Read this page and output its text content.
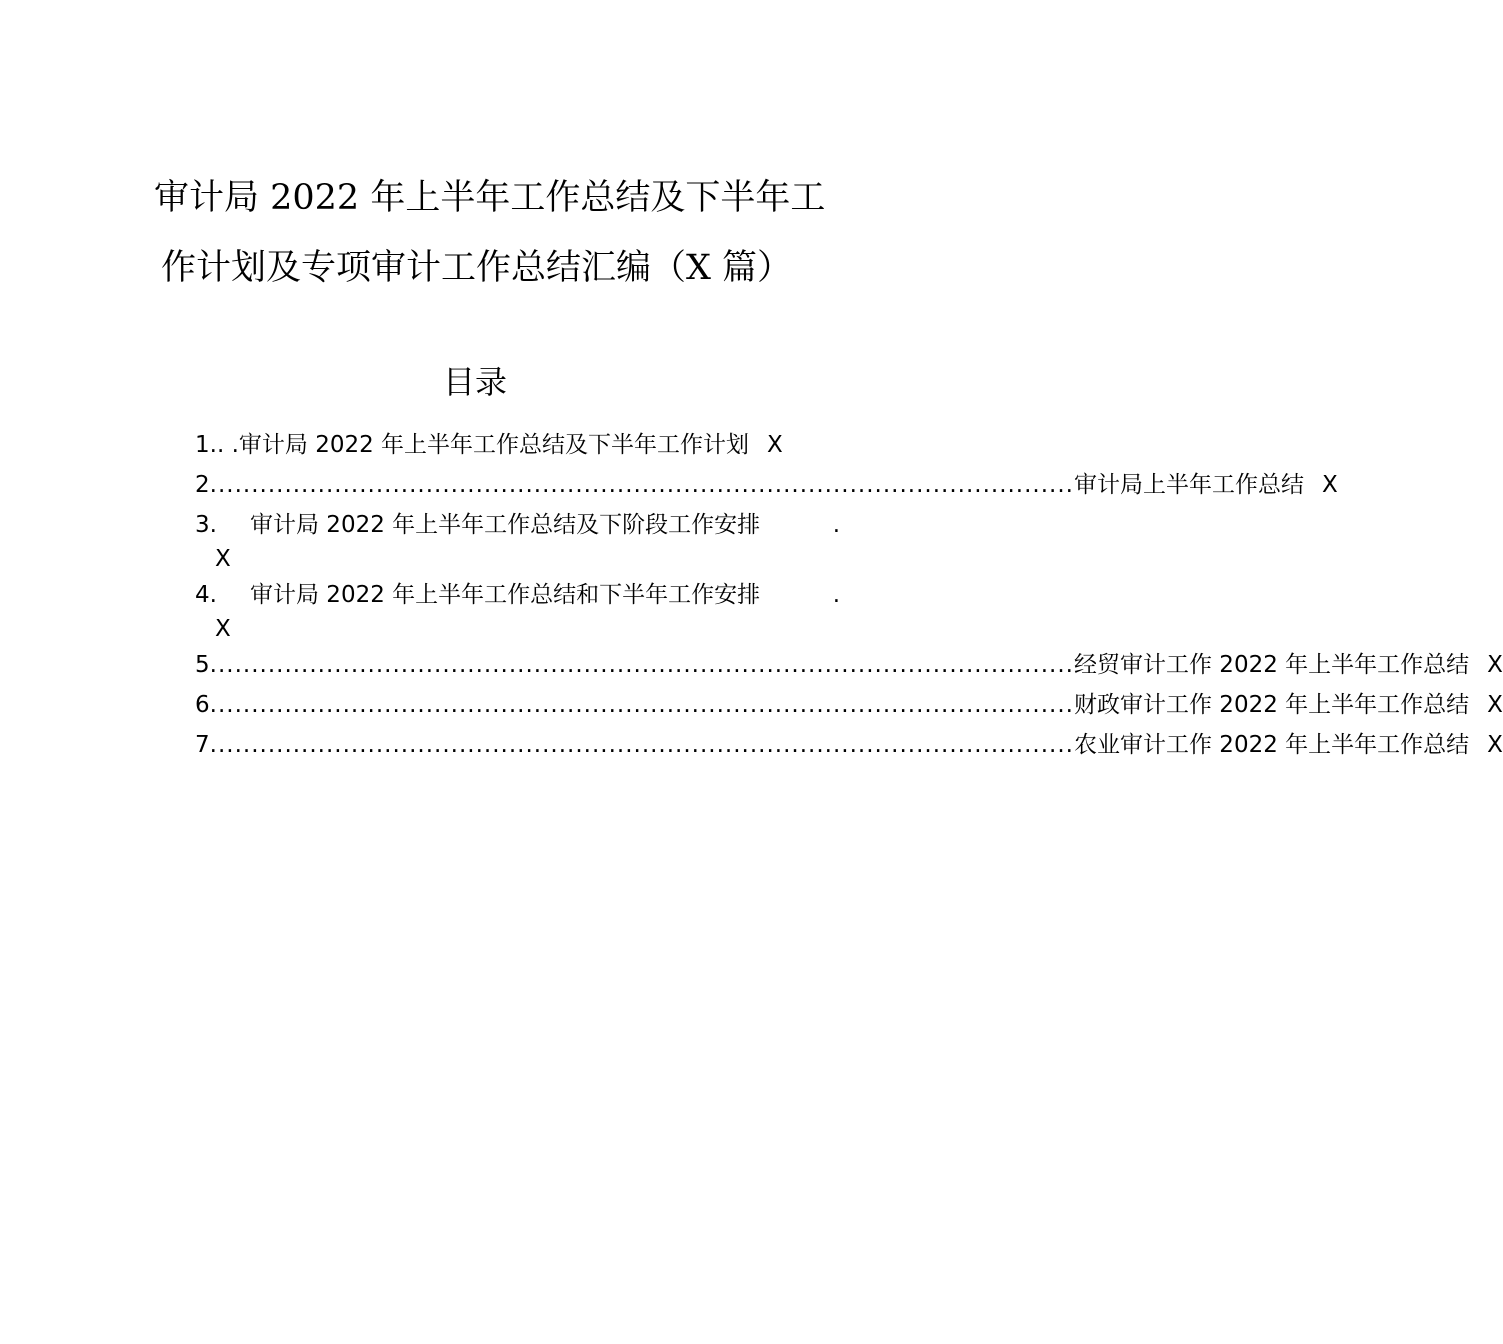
审计局 2022 年上半年工作总结及下半年工
作计划及专项审计工作总结汇编（X 篇）
目录
1. . . 审计局 2022 年上半年工作总结及下半年工作计划 X
2 ........................................................................................................ 审计局上半年工作总结 X
3.	审计局 2022 年上半年工作总结及下阶段工作安排	.
X
4.	审计局 2022 年上半年工作总结和下半年工作安排	.
X
5 ........................................................................................................ 经贸审计工作 2022 年上半年工作总结 X
6 ........................................................................................................ 财政审计工作 2022 年上半年工作总结 X
7 ........................................................................................................ 农业审计工作 2022 年上半年工作总结 X
